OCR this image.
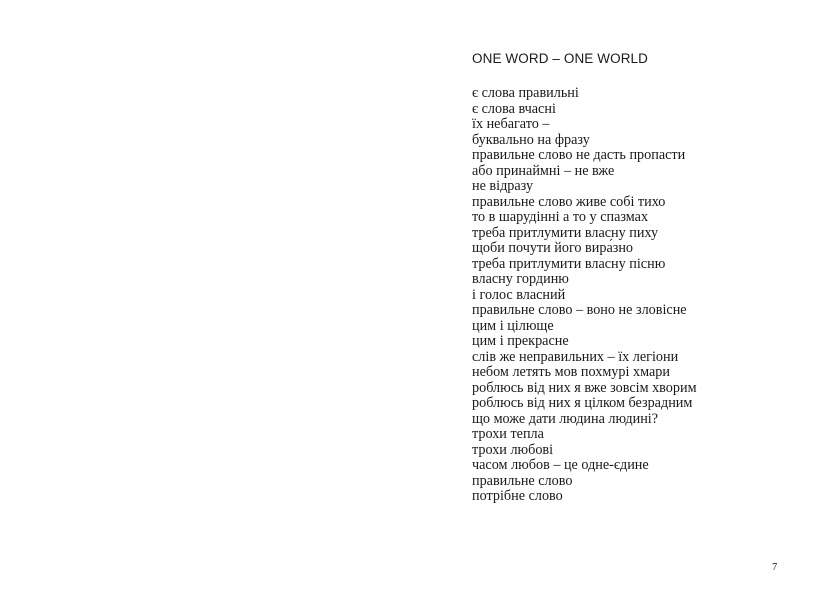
ONE WORD – ONE WORLD
є слова правильні
є слова вчасні
їх небагато –
буквально на фразу
правильне слово не дасть пропасти
або принаймні – не вже
не відразу
правильне слово живе собі тихо
то в шарудінні а то у спазмах
треба притлумити власну пиху
щоби почути його вира́зно
треба притлумити власну пісню
власну гординю
і голос власний
правильне слово – воно не зловісне
цим і цілюще
цим і прекрасне
слів же неправильних – їх легіони
небом летять мов похмурі хмари
роблюсь від них я вже зовсім хворим
роблюсь від них я цілком безрадним
що може дати людина людині?
трохи тепла
трохи любові
часом любов – це одне-єдине
правильне слово
потрібне слово
7
